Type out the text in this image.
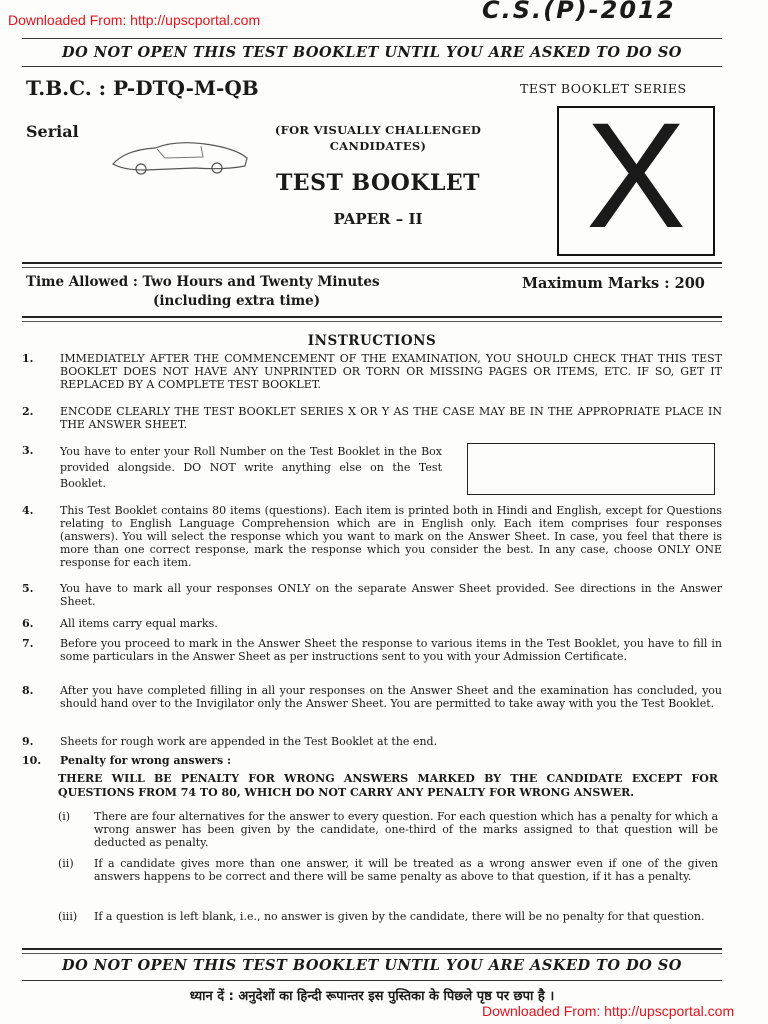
Downloaded From: http://upscportal.com	C.S.(P)-2012
DO NOT OPEN THIS TEST BOOKLET UNTIL YOU ARE ASKED TO DO SO
T.B.C. : P-DTQ-M-QB	TEST BOOKLET SERIES
X
Serial	(FOR VISUALLY CHALLENGED
CANDIDATES)
TEST BOOKLET
PAPER – II
Time Allowed : Two Hours and Twenty Minutes
(including extra time)
Maximum Marks : 200
INSTRUCTIONS
1.	IMMEDIATELY AFTER THE COMMENCEMENT OF THE EXAMINATION, YOU SHOULD CHECK THAT THIS TEST BOOKLET DOES NOT HAVE ANY UNPRINTED OR TORN OR MISSING PAGES OR ITEMS, ETC. IF SO, GET IT REPLACED BY A COMPLETE TEST BOOKLET.
2.	ENCODE CLEARLY THE TEST BOOKLET SERIES X OR Y AS THE CASE MAY BE IN THE APPROPRIATE PLACE IN THE ANSWER SHEET.
3.	You have to enter your Roll Number on the Test Booklet in the Box provided alongside. DO NOT write anything else on the Test Booklet.
4.	This Test Booklet contains 80 items (questions). Each item is printed both in Hindi and English, except for Questions relating to English Language Comprehension which are in English only. Each item comprises four responses (answers). You will select the response which you want to mark on the Answer Sheet. In case, you feel that there is more than one correct response, mark the response which you consider the best. In any case, choose ONLY ONE response for each item.
5.	You have to mark all your responses ONLY on the separate Answer Sheet provided. See directions in the Answer Sheet.
6.	All items carry equal marks.
7.	Before you proceed to mark in the Answer Sheet the response to various items in the Test Booklet, you have to fill in some particulars in the Answer Sheet as per instructions sent to you with your Admission Certificate.
8.	After you have completed filling in all your responses on the Answer Sheet and the examination has concluded, you should hand over to the Invigilator only the Answer Sheet. You are permitted to take away with you the Test Booklet.
9.	Sheets for rough work are appended in the Test Booklet at the end.
10.	Penalty for wrong answers :
THERE WILL BE PENALTY FOR WRONG ANSWERS MARKED BY THE CANDIDATE EXCEPT FOR QUESTIONS FROM 74 TO 80, WHICH DO NOT CARRY ANY PENALTY FOR WRONG ANSWER.
(i)	There are four alternatives for the answer to every question. For each question which has a penalty for which a wrong answer has been given by the candidate, one-third of the marks assigned to that question will be deducted as penalty.
(ii)	If a candidate gives more than one answer, it will be treated as a wrong answer even if one of the given answers happens to be correct and there will be same penalty as above to that question, if it has a penalty.
(iii)	If a question is left blank, i.e., no answer is given by the candidate, there will be no penalty for that question.
DO NOT OPEN THIS TEST BOOKLET UNTIL YOU ARE ASKED TO DO SO
ध्यान दें : अनुदेशों का हिन्दी रूपान्तर इस पुस्तिका के पिछले पृष्ठ पर छपा है ।
Downloaded From: http://upscportal.com
